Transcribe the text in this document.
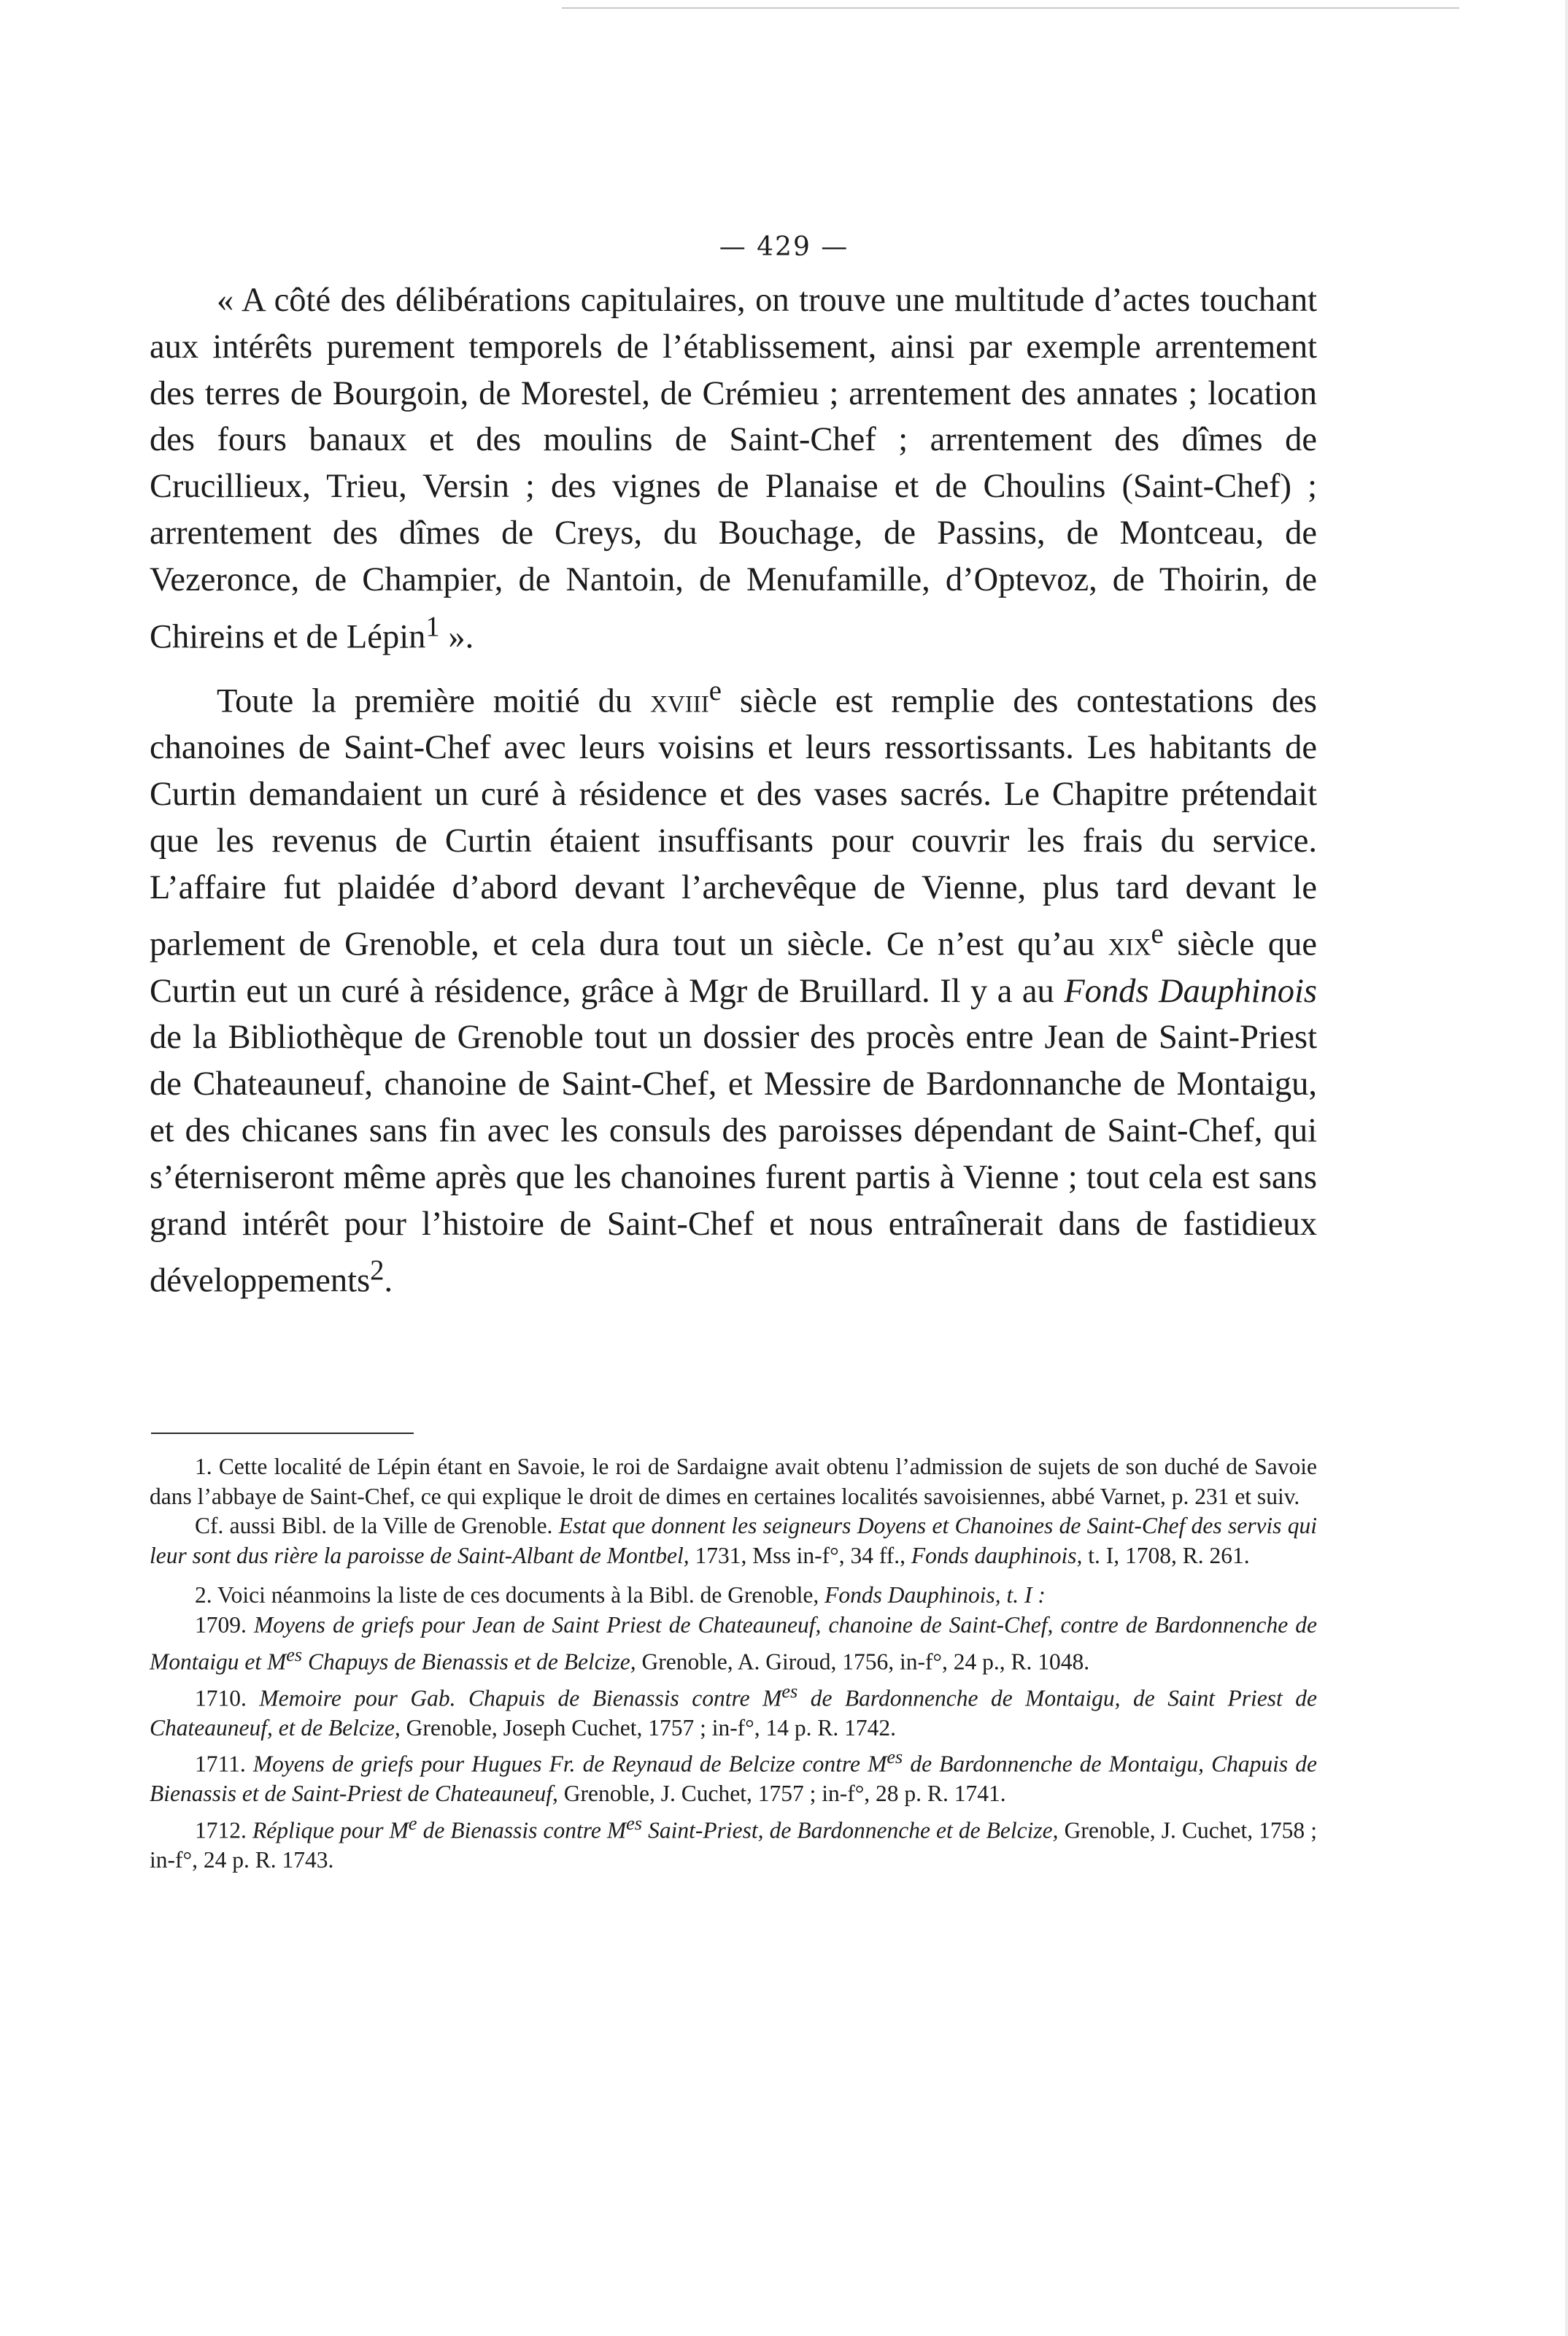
— 429 —

« A côté des délibérations capitulaires, on trouve une multitude d’actes touchant aux intérêts purement temporels de l’établissement, ainsi par exemple arrentement des terres de Bourgoin, de Morestel, de Crémieu ; arrentement des annates ; location des fours banaux et des moulins de Saint-Chef ; arrentement des dîmes de Crucillieux, Trieu, Versin ; des vignes de Planaise et de Choulins (Saint-Chef) ; arrentement des dîmes de Creys, du Bouchage, de Passins, de Montceau, de Vezeronce, de Champier, de Nantoin, de Menufamille, d’Optevoz, de Thoirin, de Chireins et de Lépin$^1$ ».

Toute la première moitié du xviii$^e$ siècle est remplie des contestations des chanoines de Saint-Chef avec leurs voisins et leurs ressortissants. Les habitants de Curtin demandaient un curé à résidence et des vases sacrés. Le Chapitre prétendait que les revenus de Curtin étaient insuffisants pour couvrir les frais du service. L’affaire fut plaidée d’abord devant l’archevêque de Vienne, plus tard devant le parlement de Grenoble, et cela dura tout un siècle. Ce n’est qu’au xix$^e$ siècle que Curtin eut un curé à résidence, grâce à Mgr de Bruillard. Il y a au Fonds Dauphinois de la Bibliothèque de Grenoble tout un dossier des procès entre Jean de Saint-Priest de Chateauneuf, chanoine de Saint-Chef, et Messire de Bardonnanche de Montaigu, et des chicanes sans fin avec les consuls des paroisses dépendant de Saint-Chef, qui s’éterniseront même après que les chanoines furent partis à Vienne ; tout cela est sans grand intérêt pour l’histoire de Saint-Chef et nous entraînerait dans de fastidieux développements$^2$.

1. Cette localité de Lépin étant en Savoie, le roi de Sardaigne avait obtenu l’admission de sujets de son duché de Savoie dans l’abbaye de Saint-Chef, ce qui explique le droit de dimes en certaines localités savoisiennes, abbé Varnet, p. 231 et suiv.

Cf. aussi Bibl. de la Ville de Grenoble. Estat que donnent les seigneurs Doyens et Chanoines de Saint-Chef des servis qui leur sont dus rière la paroisse de Saint-Albant de Montbel, 1731, Mss in-f°, 34 ff., Fonds dauphinois, t. I, 1708, R. 261.

2. Voici néanmoins la liste de ces documents à la Bibl. de Grenoble, Fonds Dauphinois, t. I :

1709. Moyens de griefs pour Jean de Saint Priest de Chateauneuf, chanoine de Saint-Chef, contre de Bardonnenche de Montaigu et $M^{es}$ Chapuys de Bienassis et de Belcize, Grenoble, A. Giroud, 1756, in-f°, 24 p., R. 1048.

1710. Memoire pour Gab. Chapuis de Bienassis contre $M^{es}$ de Bardonnenche de Montaigu, de Saint Priest de Chateauneuf, et de Belcize, Grenoble, Joseph Cuchet, 1757 ; in-f°, 14 p. R. 1742.

1711. Moyens de griefs pour Hugues Fr. de Reynaud de Belcize contre $M^{es}$ de Bardonnenche de Montaigu, Chapuis de Bienassis et de Saint-Priest de Chateauneuf, Grenoble, J. Cuchet, 1757 ; in-f°, 28 p. R. 1741.

1712. Réplique pour Me de Bienassis contre $M^{es}$ Saint-Priest, de Bardonnenche et de Belcize, Grenoble, J. Cuchet, 1758 ; in-f°, 24 p. R. 1743.
